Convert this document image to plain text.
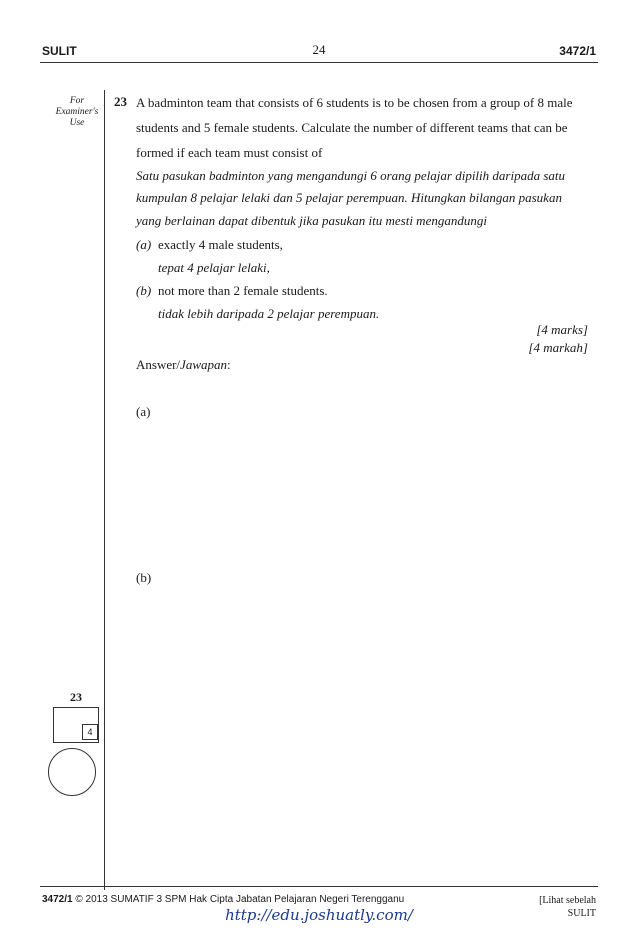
SULIT	24	3472/1
For
Examiner's
Use
23 A badminton team that consists of 6 students is to be chosen from a group of 8 male
students and 5 female students. Calculate the number of different teams that can be
formed if each team must consist of
Satu pasukan badminton yang mengandungi 6 orang pelajar dipilih daripada satu
kumpulan 8 pelajar lelaki dan 5 pelajar perempuan. Hitungkan bilangan pasukan
yang berlainan dapat dibentuk jika pasukan itu mesti mengandungi
(a) exactly 4 male students,
tepat 4 pelajar lelaki,
(b) not more than 2 female students.
tidak lebih daripada 2 pelajar perempuan.
[4 marks]
[4 markah]
Answer/Jawapan:
(a)
(b)
23
4
3472/1 © 2013 SUMATIF 3 SPM Hak Cipta Jabatan Pelajaran Negeri Terengganu	[Lihat sebelah
SULIT
http://edu.joshuatly.com/
